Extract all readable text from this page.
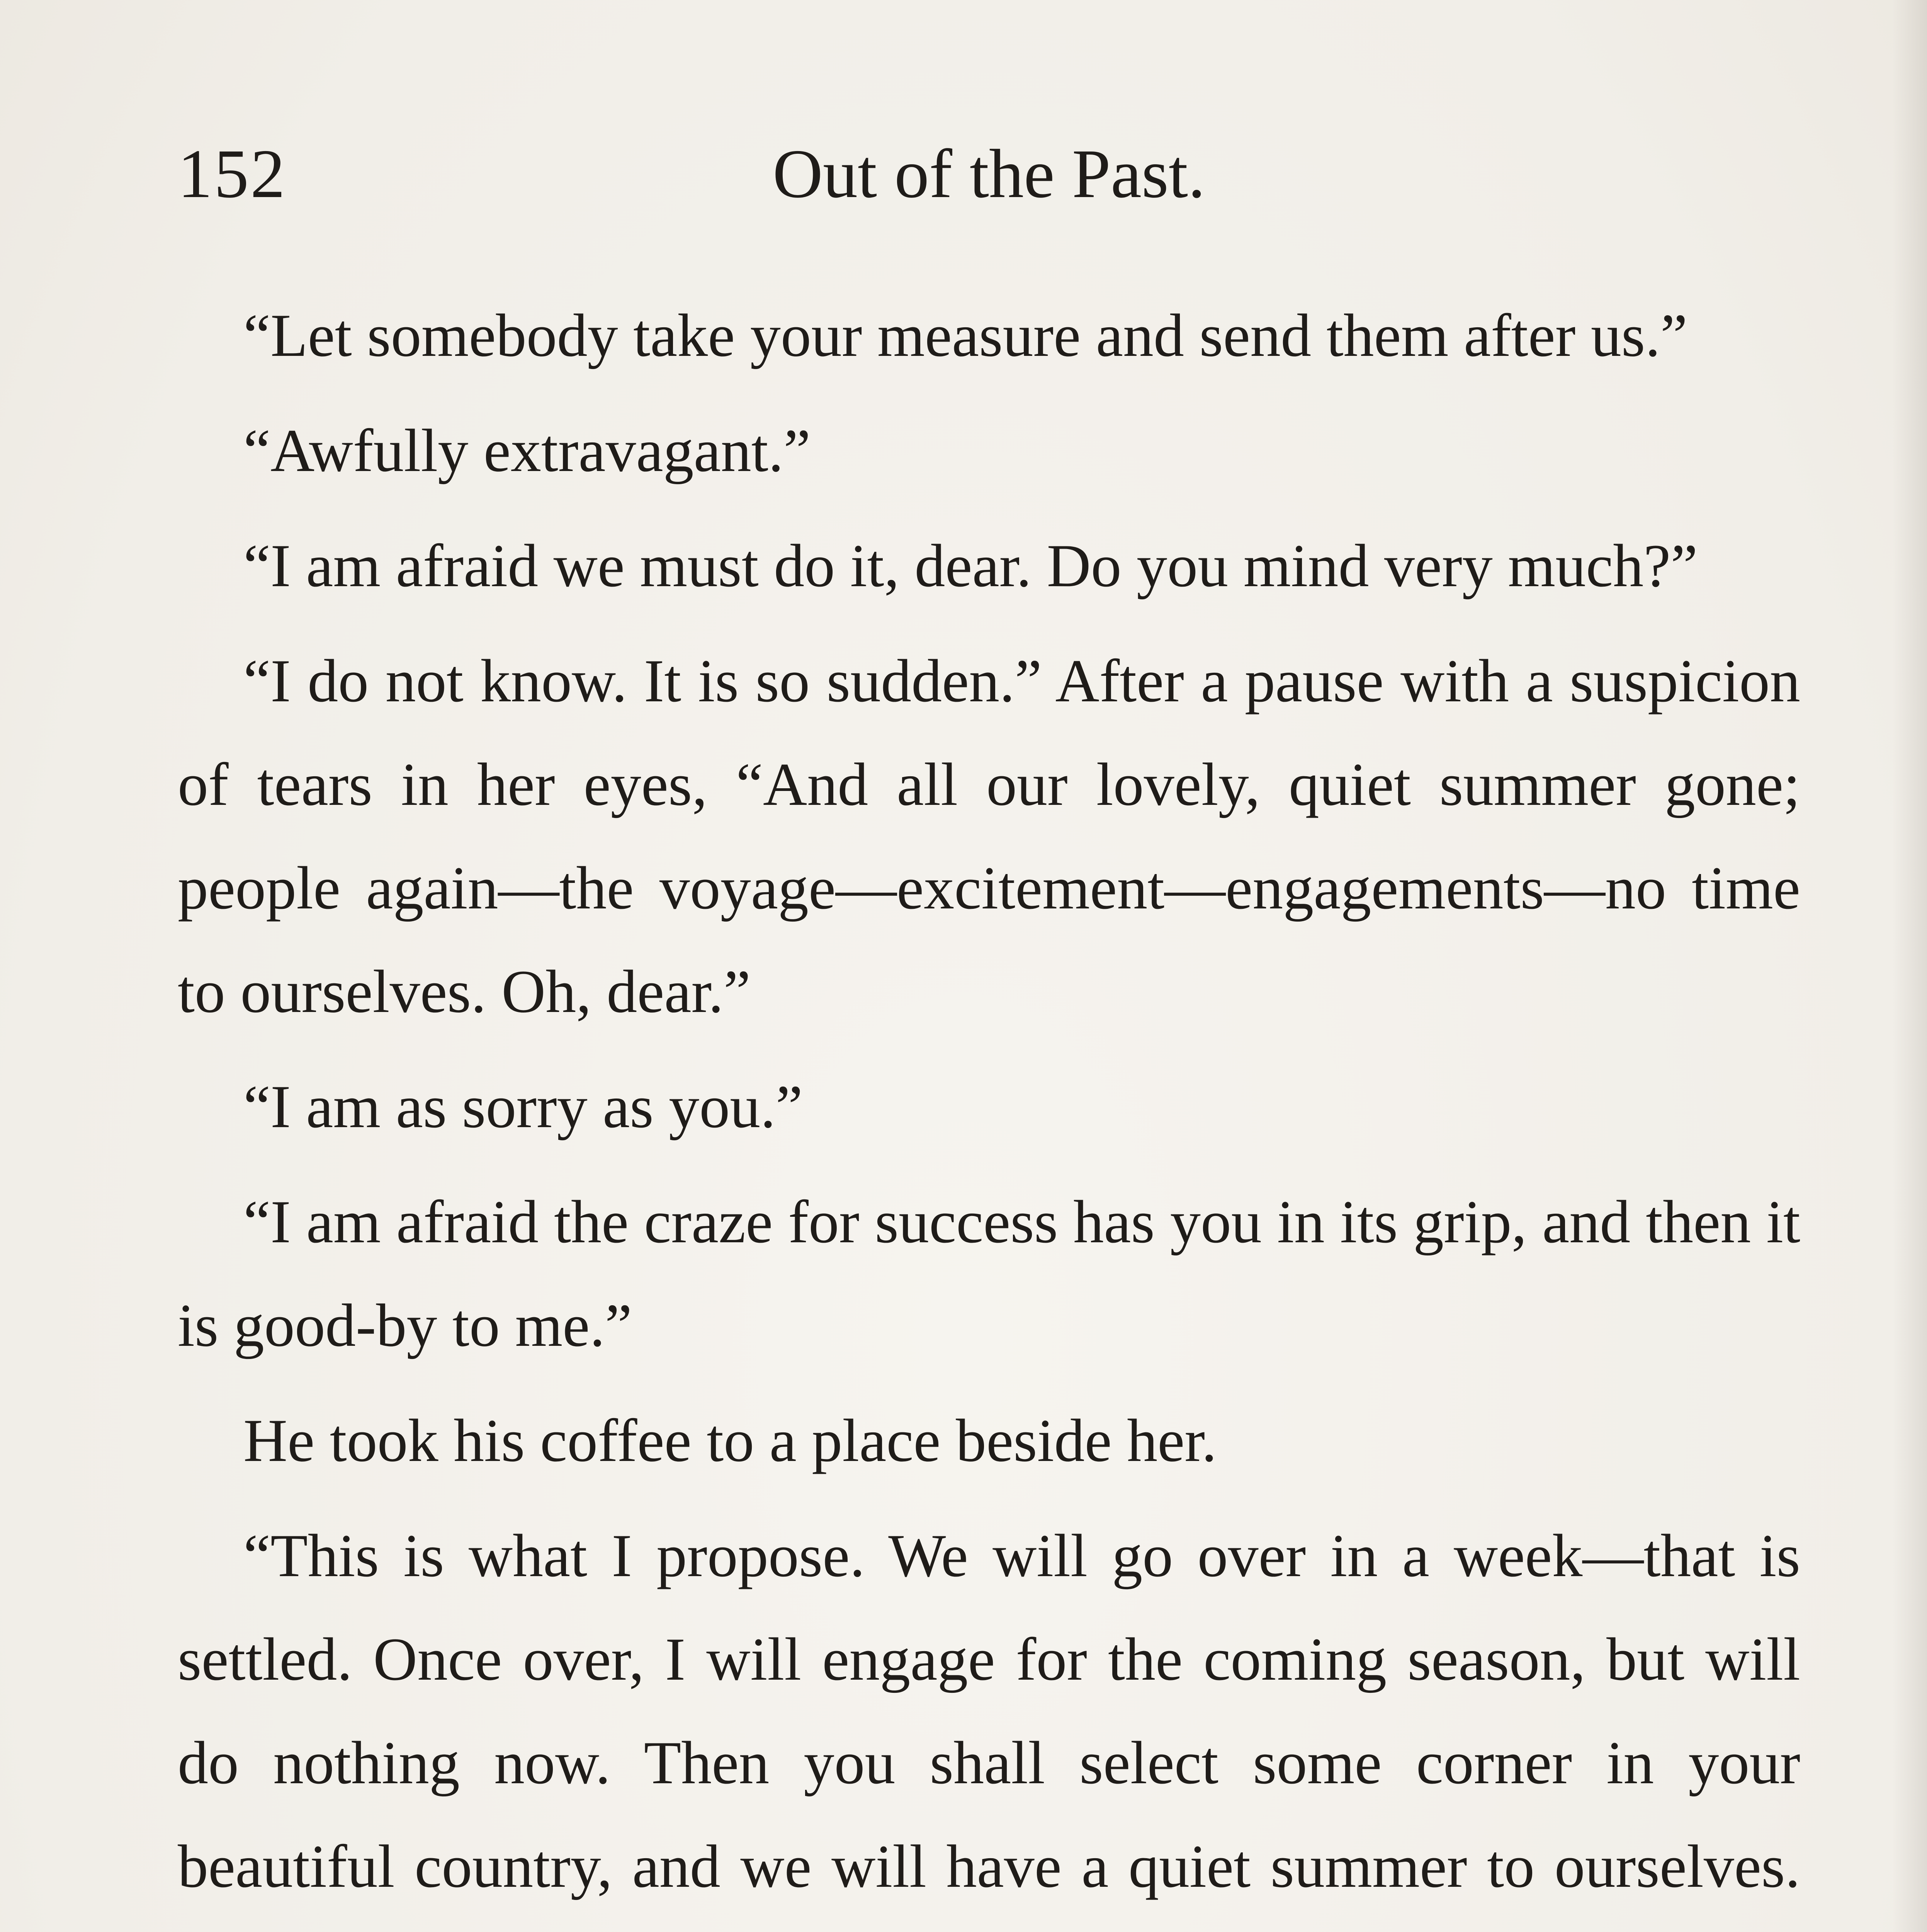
Out of the Past.
152

“Let somebody take your measure and send them after us.”

“Awfully extravagant.”

“I am afraid we must do it, dear. Do you mind very much?”

“I do not know. It is so sudden.” After a pause with a suspicion of tears in her eyes, “And all our lovely, quiet summer gone; people again—the voyage—excitement—engagements—no time to ourselves. Oh, dear.”

“I am as sorry as you.”

“I am afraid the craze for success has you in its grip, and then it is good-by to me.”

He took his coffee to a place beside her.

“This is what I propose. We will go over in a week—that is settled. Once over, I will engage for the coming season, but will do nothing now. Then you shall select some corner in your beautiful country, and we will have a quiet summer to ourselves.
